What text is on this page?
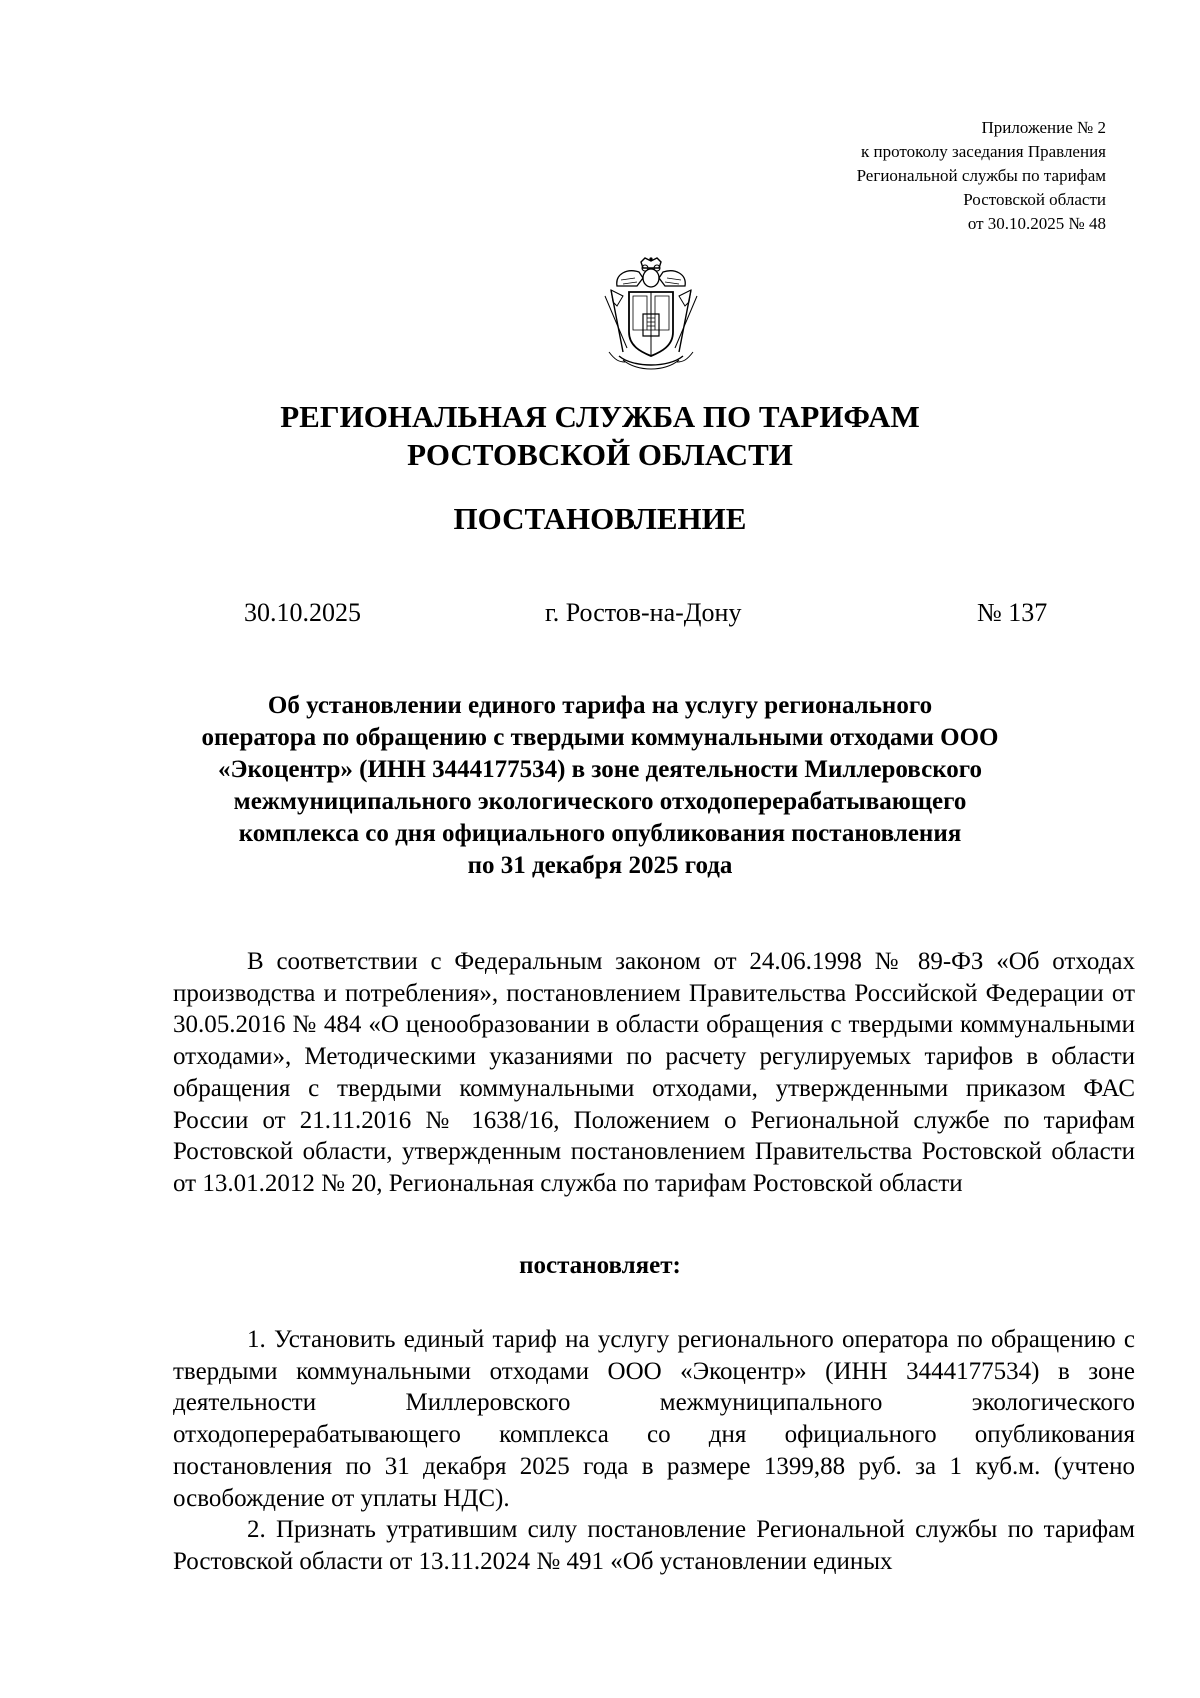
Приложение № 2
к протоколу заседания Правления
Региональной службы по тарифам
Ростовской области
от 30.10.2025 № 48
РЕГИОНАЛЬНАЯ СЛУЖБА ПО ТАРИФАМ
РОСТОВСКОЙ ОБЛАСТИ
ПОСТАНОВЛЕНИЕ
30.10.2025	г. Ростов-на-Дону	№ 137
Об установлении единого тарифа на услугу регионального
оператора по обращению с твердыми коммунальными отходами ООО
«Экоцентр» (ИНН 3444177534) в зоне деятельности Миллеровского
межмуниципального экологического отходоперерабатывающего
комплекса со дня официального опубликования постановления
по 31 декабря 2025 года

В соответствии с Федеральным законом от 24.06.1998 № 89-ФЗ «Об отходах производства и потребления», постановлением Правительства Российской Федерации от 30.05.2016 № 484 «О ценообразовании в области обращения с твердыми коммунальными отходами», Методическими указаниями по расчету регулируемых тарифов в области обращения с твердыми коммунальными отходами, утвержденными приказом ФАС России от 21.11.2016 № 1638/16, Положением о Региональной службе по тарифам Ростовской области, утвержденным постановлением Правительства Ростовской области от 13.01.2012 № 20, Региональная служба по тарифам Ростовской области

постановляет:

1. Установить единый тариф на услугу регионального оператора по обращению с твердыми коммунальными отходами ООО «Экоцентр» (ИНН 3444177534) в зоне деятельности Миллеровского межмуниципального экологического отходоперерабатывающего комплекса со дня официального опубликования постановления по 31 декабря 2025 года в размере 1399,88 руб. за 1 куб.м. (учтено освобождение от уплаты НДС).

2. Признать утратившим силу постановление Региональной службы по тарифам Ростовской области от 13.11.2024 № 491 «Об установлении единых
